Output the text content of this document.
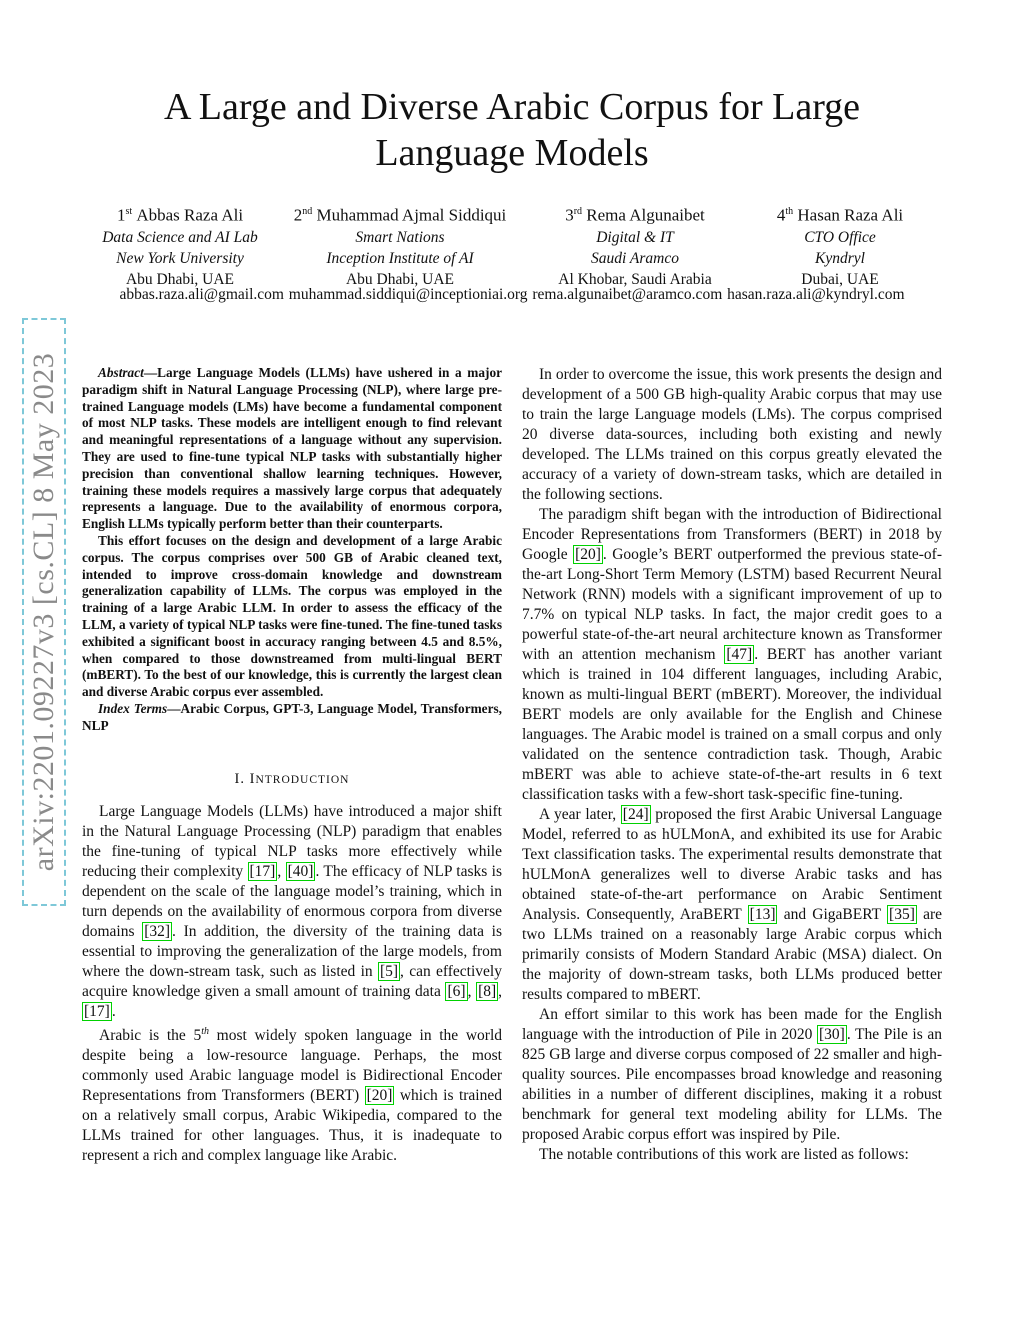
arXiv:2201.09227v3 [cs.CL] 8 May 2023
A Large and Diverse Arabic Corpus for Large Language Models
1st Abbas Raza Ali
Data Science and AI Lab
New York University
Abu Dhabi, UAE
2nd Muhammad Ajmal Siddiqui
Smart Nations
Inception Institute of AI
Abu Dhabi, UAE
3rd Rema Algunaibet
Digital & IT
Saudi Aramco
Al Khobar, Saudi Arabia
4th Hasan Raza Ali
CTO Office
Kyndryl
Dubai, UAE
abbas.raza.ali@gmail.com muhammad.siddiqui@inceptioniai.org rema.algunaibet@aramco.com hasan.raza.ali@kyndryl.com

Abstract—Large Language Models (LLMs) have ushered in a major paradigm shift in Natural Language Processing (NLP), where large pre-trained Language models (LMs) have become a fundamental component of most NLP tasks. These models are intelligent enough to find relevant and meaningful representations of a language without any supervision. They are used to fine-tune typical NLP tasks with substantially higher precision than conventional shallow learning techniques. However, training these models requires a massively large corpus that adequately represents a language. Due to the availability of enormous corpora, English LLMs typically perform better than their counterparts.

This effort focuses on the design and development of a large Arabic corpus. The corpus comprises over 500 GB of Arabic cleaned text, intended to improve cross-domain knowledge and downstream generalization capability of LLMs. The corpus was employed in the training of a large Arabic LLM. In order to assess the efficacy of the LLM, a variety of typical NLP tasks were fine-tuned. The fine-tuned tasks exhibited a significant boost in accuracy ranging between 4.5 and 8.5%, when compared to those downstreamed from multi-lingual BERT (mBERT). To the best of our knowledge, this is currently the largest clean and diverse Arabic corpus ever assembled.

Index Terms—Arabic Corpus, GPT-3, Language Model, Transformers, NLP

I. INTRODUCTION

Large Language Models (LLMs) have introduced a major shift in the Natural Language Processing (NLP) paradigm that enables the fine-tuning of typical NLP tasks more effectively while reducing their complexity [17] , [40] . The efficacy of NLP tasks is dependent on the scale of the language model’s training, which in turn depends on the availability of enormous corpora from diverse domains [32] . In addition, the diversity of the training data is essential to improving the generalization of the large models, from where the down-stream task, such as listed in [5] , can effectively acquire knowledge given a small amount of training data [6] , [8] , [17] .

Arabic is the 5th most widely spoken language in the world despite being a low-resource language. Perhaps, the most commonly used Arabic language model is Bidirectional Encoder Representations from Transformers (BERT) [20] which is trained on a relatively small corpus, Arabic Wikipedia, compared to the LLMs trained for other languages. Thus, it is inadequate to represent a rich and complex language like Arabic.

In order to overcome the issue, this work presents the design and development of a 500 GB high-quality Arabic corpus that may use to train the large Language models (LMs). The corpus comprised 20 diverse data-sources, including both existing and newly developed. The LLMs trained on this corpus greatly elevated the accuracy of a variety of down-stream tasks, which are detailed in the following sections.

The paradigm shift began with the introduction of Bidirectional Encoder Representations from Transformers (BERT) in 2018 by Google [20] . Google’s BERT outperformed the previous state-of-the-art Long-Short Term Memory (LSTM) based Recurrent Neural Network (RNN) models with a significant improvement of up to 7.7% on typical NLP tasks. In fact, the major credit goes to a powerful state-of-the-art neural architecture known as Transformer with an attention mechanism [47] . BERT has another variant which is trained in 104 different languages, including Arabic, known as multi-lingual BERT (mBERT). Moreover, the individual BERT models are only available for the English and Chinese languages. The Arabic model is trained on a small corpus and only validated on the sentence contradiction task. Though, Arabic mBERT was able to achieve state-of-the-art results in 6 text classification tasks with a few-short task-specific fine-tuning.

A year later, [24] proposed the first Arabic Universal Language Model, referred to as hULMonA, and exhibited its use for Arabic Text classification tasks. The experimental results demonstrate that hULMonA generalizes well to diverse Arabic tasks and has obtained state-of-the-art performance on Arabic Sentiment Analysis. Consequently, AraBERT [13] and GigaBERT [35] are two LLMs trained on a reasonably large Arabic corpus which primarily consists of Modern Standard Arabic (MSA) dialect. On the majority of down-stream tasks, both LLMs produced better results compared to mBERT.

An effort similar to this work has been made for the English language with the introduction of Pile in 2020 [30] . The Pile is an 825 GB large and diverse corpus composed of 22 smaller and high-quality sources. Pile encompasses broad knowledge and reasoning abilities in a number of different disciplines, making it a robust benchmark for general text modeling ability for LLMs. The proposed Arabic corpus effort was inspired by Pile.

The notable contributions of this work are listed as follows:
